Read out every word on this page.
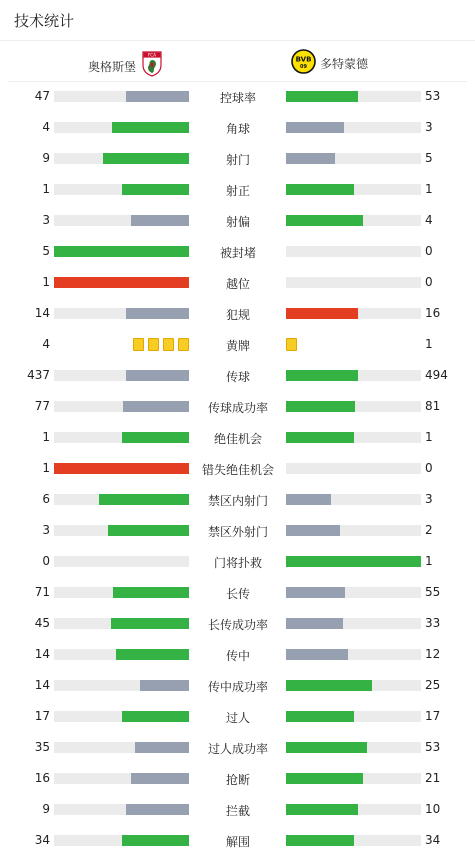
技术统计
奥格斯堡
FCA
BVB
09 多特蒙德
47	控球率	53
4	角球	3
9	射门	5
1	射正	1
3	射偏	4
5	被封堵	0
1	越位	0
14	犯规	16
4	黄牌	1
437	传球	494
77	传球成功率	81
1	绝佳机会	1
1	错失绝佳机会	0
6	禁区内射门	3
3	禁区外射门	2
0	门将扑救	1
71	长传	55
45	长传成功率	33
14	传中	12
14	传中成功率	25
17	过人	17
35	过人成功率	53
16	抢断	21
9	拦截	10
34	解围	34
